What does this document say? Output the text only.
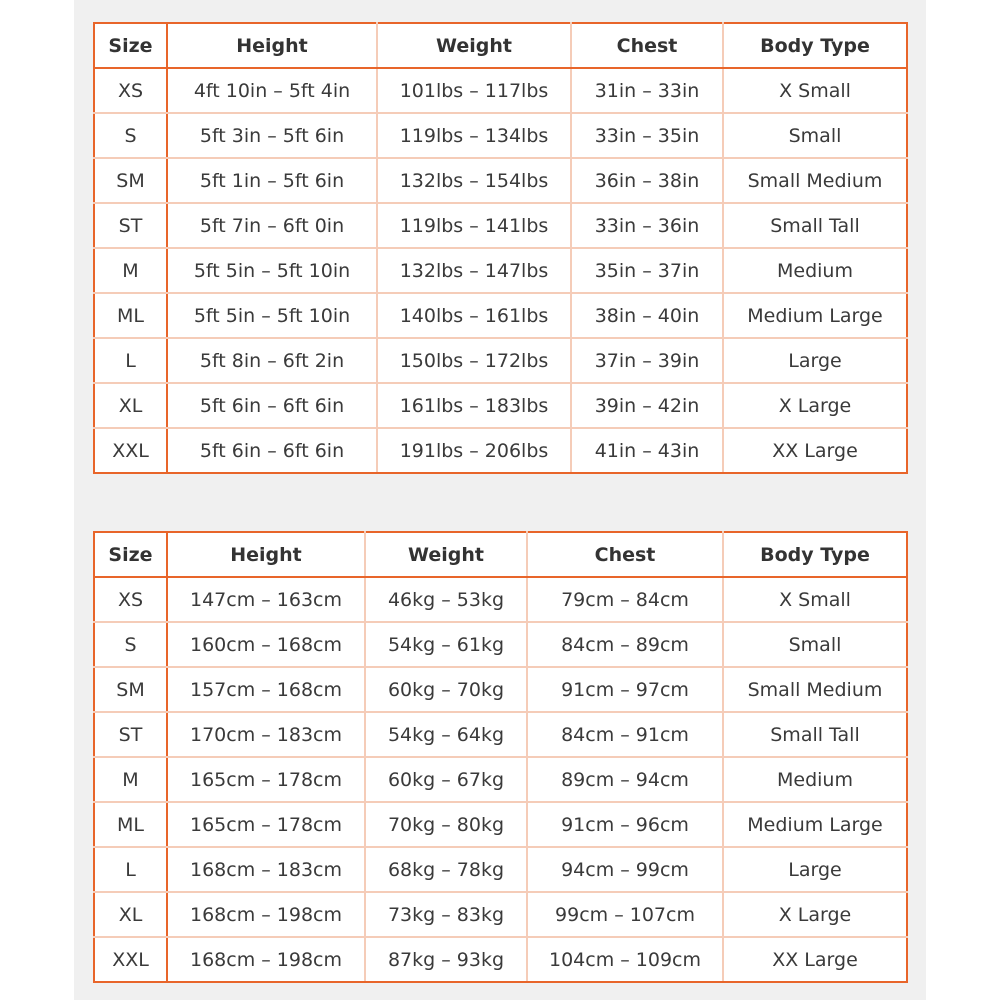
Size	Height	Weight	Chest	Body Type
XS	4ft 10in – 5ft 4in	101lbs – 117lbs	31in – 33in	X Small
S	5ft 3in – 5ft 6in	119lbs – 134lbs	33in – 35in	Small
SM	5ft 1in – 5ft 6in	132lbs – 154lbs	36in – 38in	Small Medium
ST	5ft 7in – 6ft 0in	119lbs – 141lbs	33in – 36in	Small Tall
M	5ft 5in – 5ft 10in	132lbs – 147lbs	35in – 37in	Medium
ML	5ft 5in – 5ft 10in	140lbs – 161lbs	38in – 40in	Medium Large
L	5ft 8in – 6ft 2in	150lbs – 172lbs	37in – 39in	Large
XL	5ft 6in – 6ft 6in	161lbs – 183lbs	39in – 42in	X Large
XXL	5ft 6in – 6ft 6in	191lbs – 206lbs	41in – 43in	XX Large
Size	Height	Weight	Chest	Body Type
XS	147cm – 163cm	46kg – 53kg	79cm – 84cm	X Small
S	160cm – 168cm	54kg – 61kg	84cm – 89cm	Small
SM	157cm – 168cm	60kg – 70kg	91cm – 97cm	Small Medium
ST	170cm – 183cm	54kg – 64kg	84cm – 91cm	Small Tall
M	165cm – 178cm	60kg – 67kg	89cm – 94cm	Medium
ML	165cm – 178cm	70kg – 80kg	91cm – 96cm	Medium Large
L	168cm – 183cm	68kg – 78kg	94cm – 99cm	Large
XL	168cm – 198cm	73kg – 83kg	99cm – 107cm	X Large
XXL	168cm – 198cm	87kg – 93kg	104cm – 109cm	XX Large
